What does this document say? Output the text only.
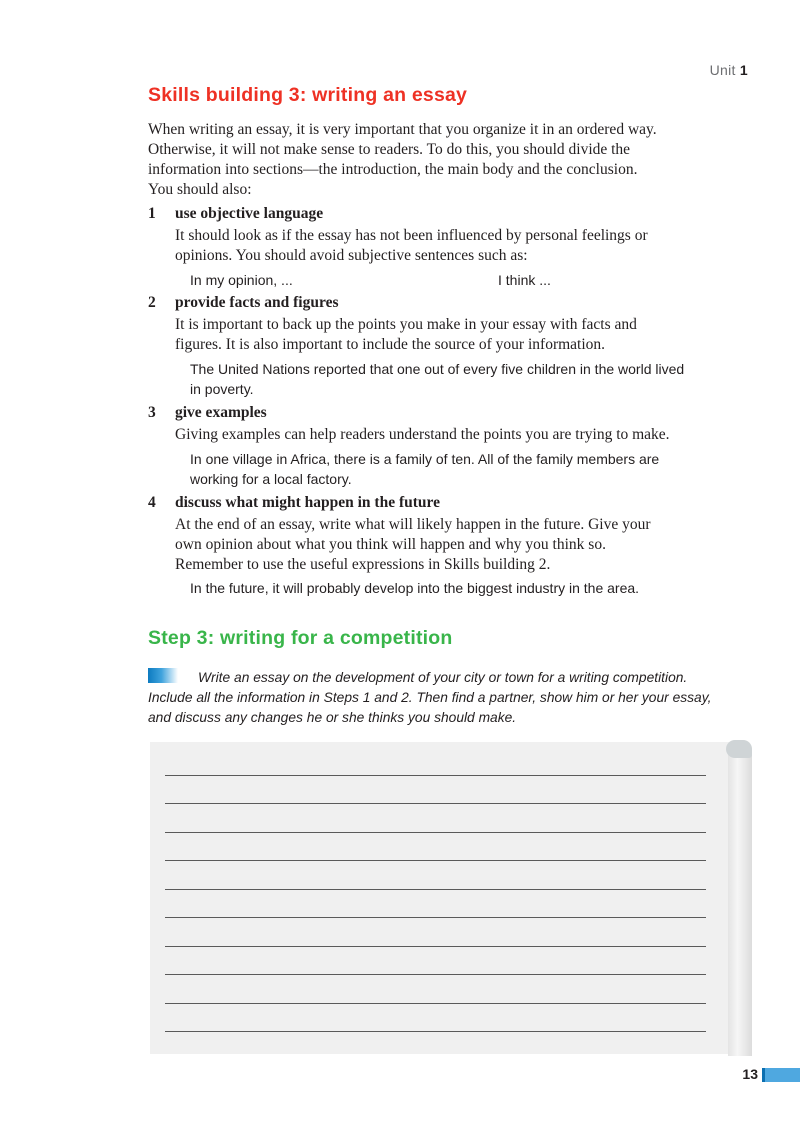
Unit 1
Skills building 3: writing an essay
When writing an essay, it is very important that you organize it in an ordered way.
Otherwise, it will not make sense to readers. To do this, you should divide the
information into sections—the introduction, the main body and the conclusion.
You should also:
1 use objective language
It should look as if the essay has not been influenced by personal feelings or
opinions. You should avoid subjective sentences such as:
In my opinion, ...	I think ...
2 provide facts and figures
It is important to back up the points you make in your essay with facts and
figures. It is also important to include the source of your information.
The United Nations reported that one out of every five children in the world lived
in poverty.
3 give examples
Giving examples can help readers understand the points you are trying to make.
In one village in Africa, there is a family of ten. All of the family members are
working for a local factory.
4 discuss what might happen in the future
At the end of an essay, write what will likely happen in the future. Give your
own opinion about what you think will happen and why you think so.
Remember to use the useful expressions in Skills building 2.
In the future, it will probably develop into the biggest industry in the area.
Step 3: writing for a competition
Write an essay on the development of your city or town for a writing competition.
Include all the information in Steps 1 and 2. Then find a partner, show him or her your essay,
and discuss any changes he or she thinks you should make.
13
